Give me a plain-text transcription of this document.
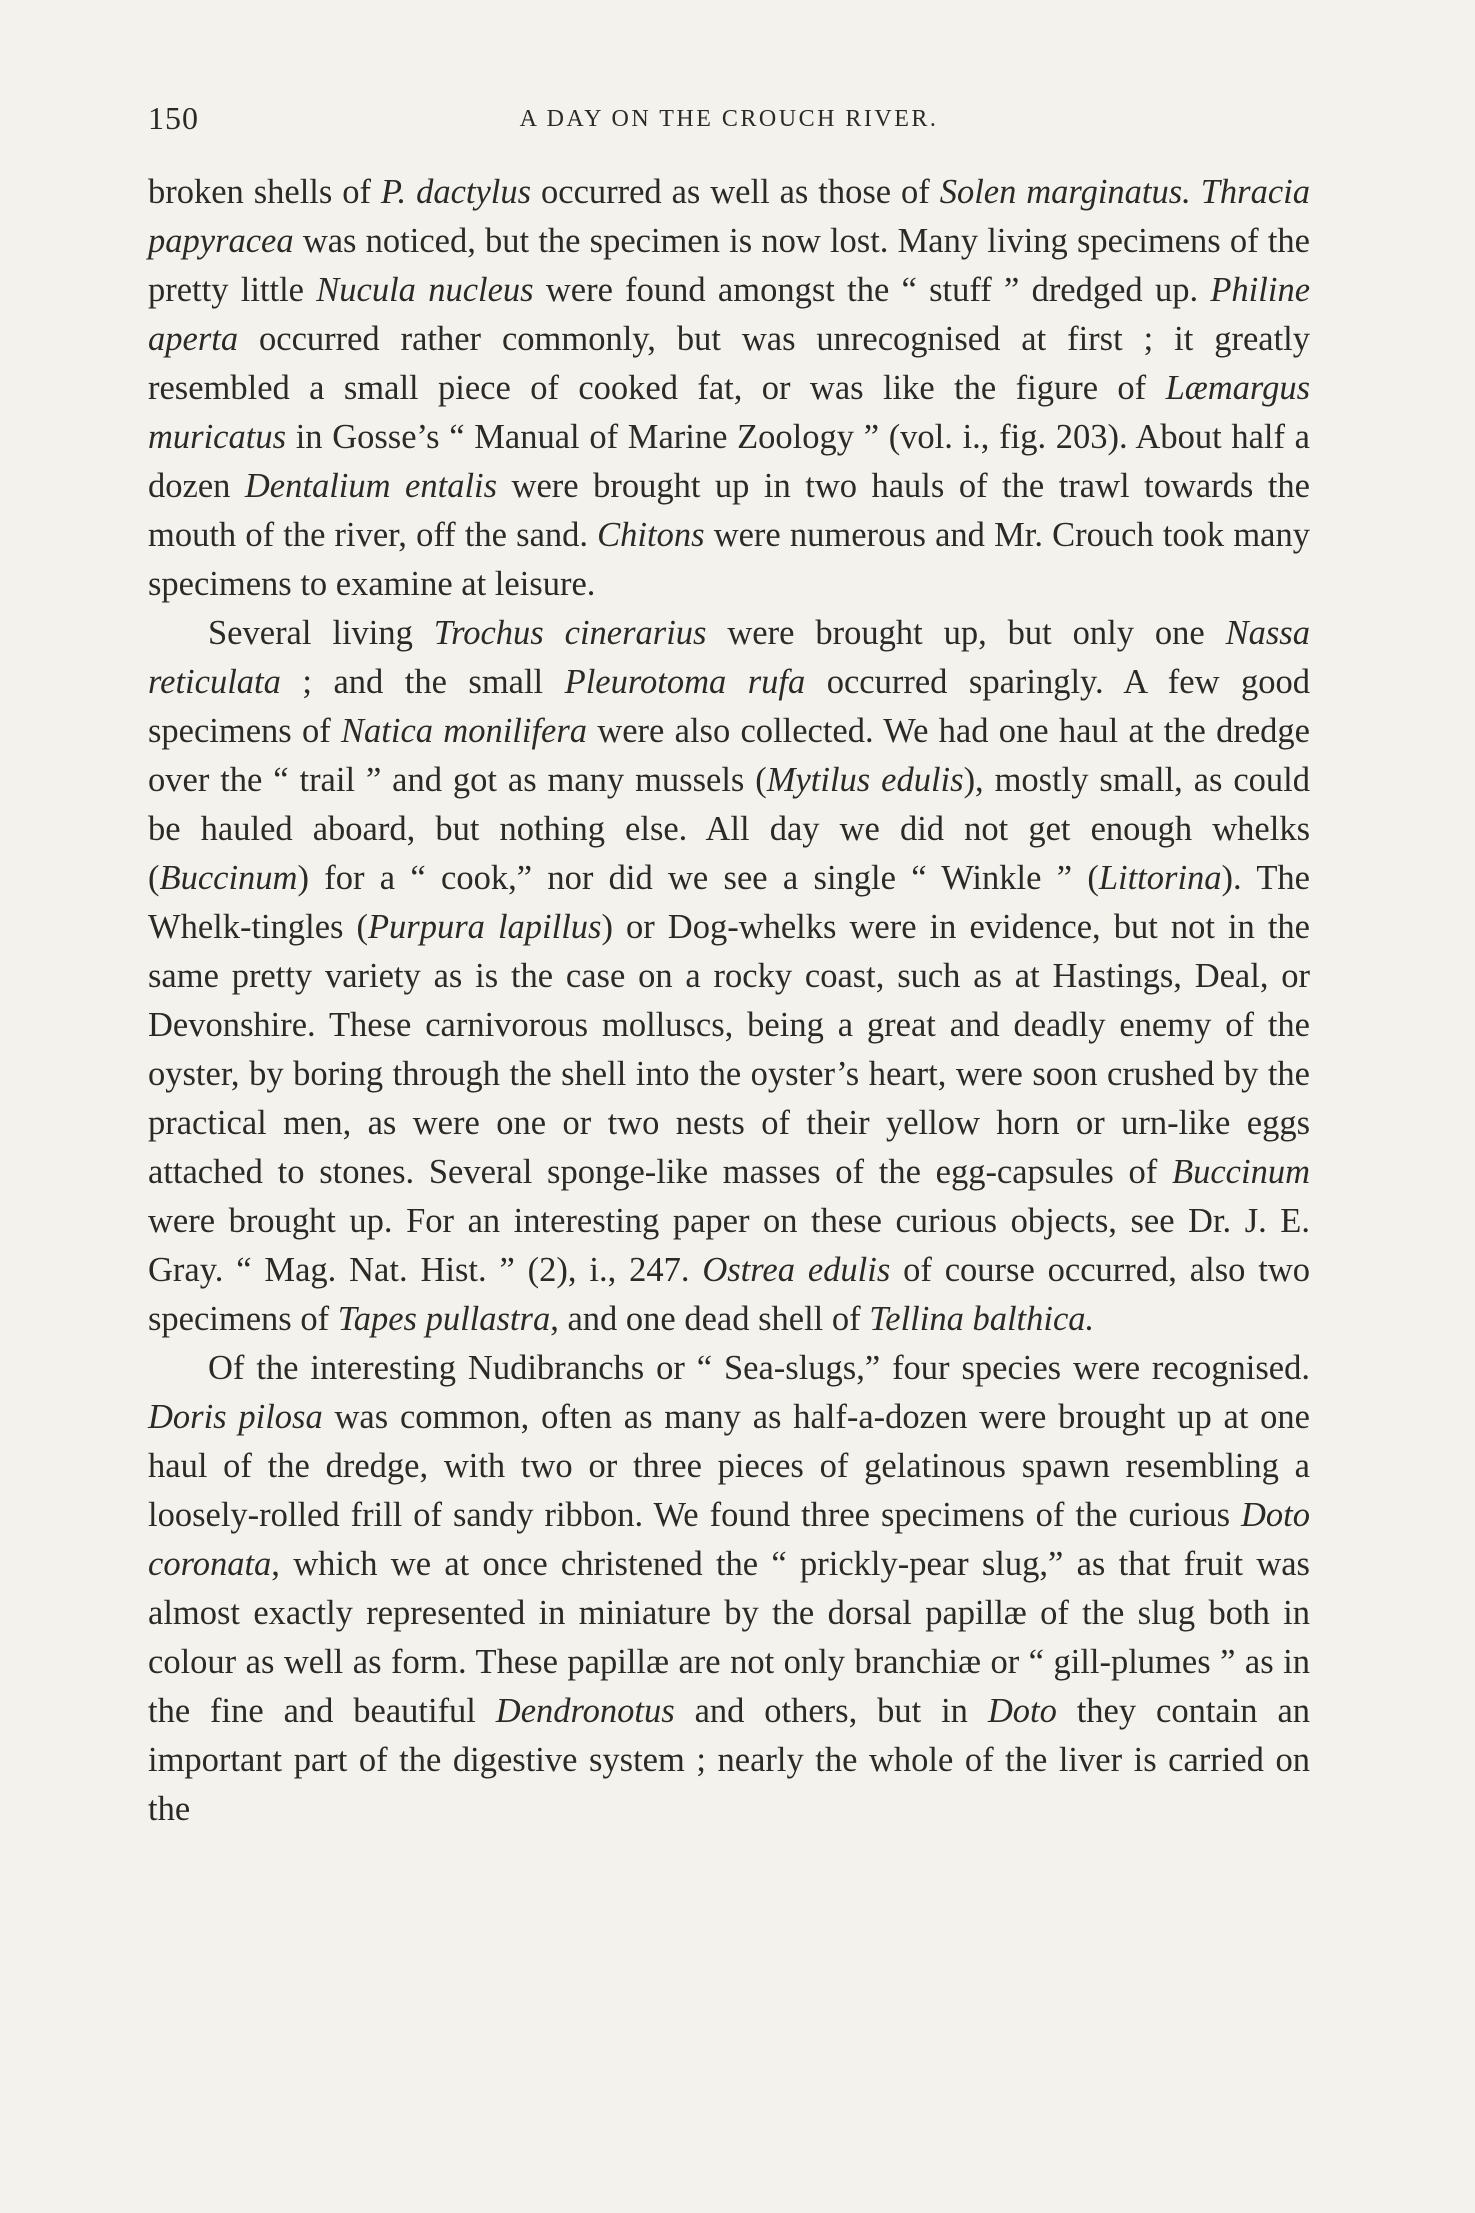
150	A DAY ON THE CROUCH RIVER.

broken shells of P. dactylus occurred as well as those of Solen marginatus. Thracia papyracea was noticed, but the specimen is now lost. Many living specimens of the pretty little Nucula nucleus were found amongst the “ stuff ” dredged up. Philine aperta occurred rather commonly, but was unrecognised at first ; it greatly resembled a small piece of cooked fat, or was like the figure of Læmargus muricatus in Gosse’s “ Manual of Marine Zoology ” (vol. i., fig. 203). About half a dozen Dentalium entalis were brought up in two hauls of the trawl towards the mouth of the river, off the sand. Chitons were numerous and Mr. Crouch took many specimens to examine at leisure.

Several living Trochus cinerarius were brought up, but only one Nassa reticulata ; and the small Pleurotoma rufa occurred sparingly. A few good specimens of Natica monilifera were also collected. We had one haul at the dredge over the “ trail ” and got as many mussels (Mytilus edulis), mostly small, as could be hauled aboard, but nothing else. All day we did not get enough whelks (Buccinum) for a “ cook,” nor did we see a single “ Winkle ” (Littorina). The Whelk-tingles (Purpura lapillus) or Dog-whelks were in evidence, but not in the same pretty variety as is the case on a rocky coast, such as at Hastings, Deal, or Devonshire. These carnivorous molluscs, being a great and deadly enemy of the oyster, by boring through the shell into the oyster’s heart, were soon crushed by the practical men, as were one or two nests of their yellow horn or urn-like eggs attached to stones. Several sponge-like masses of the egg-capsules of Buccinum were brought up. For an interesting paper on these curious objects, see Dr. J. E. Gray. “ Mag. Nat. Hist. ” (2), i., 247. Ostrea edulis of course occurred, also two specimens of Tapes pullastra, and one dead shell of Tellina balthica.

Of the interesting Nudibranchs or “ Sea-slugs,” four species were recognised. Doris pilosa was common, often as many as half-a-dozen were brought up at one haul of the dredge, with two or three pieces of gelatinous spawn resembling a loosely-rolled frill of sandy ribbon. We found three specimens of the curious Doto coronata, which we at once christened the “ prickly-pear slug,” as that fruit was almost exactly represented in miniature by the dorsal papillæ of the slug both in colour as well as form. These papillæ are not only branchiæ or “ gill-plumes ” as in the fine and beautiful Dendronotus and others, but in Doto they contain an important part of the digestive system ; nearly the whole of the liver is carried on the
